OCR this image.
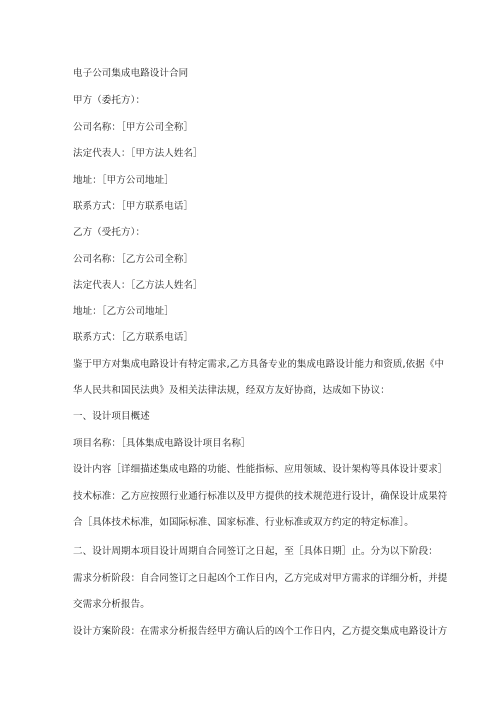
电子公司集成电路设计合同
甲方（委托方）：
公司名称：［甲方公司全称］
法定代表人：［甲方法人姓名］
地址：［甲方公司地址］
联系方式：［甲方联系电话］
乙方（受托方）：
公司名称：［乙方公司全称］
法定代表人：［乙方法人姓名］
地址：［乙方公司地址］
联系方式：［乙方联系电话］
鉴于甲方对集成电路设计有特定需求,乙方具备专业的集成电路设计能力和资质,依据《中
华人民共和国民法典》及相关法律法规，经双方友好协商，达成如下协议：
一、设计项目概述
项目名称：［具体集成电路设计项目名称］
设计内容［详细描述集成电路的功能、性能指标、应用领域、设计架构等具体设计要求］
技术标准：乙方应按照行业通行标准以及甲方提供的技术规范进行设计，确保设计成果符
合［具体技术标准，如国际标准、国家标准、行业标准或双方约定的特定标准］。
二、设计周期本项目设计周期自合同签订之日起，至［具体日期］止。分为以下阶段：
需求分析阶段：自合同签订之日起凶个工作日内，乙方完成对甲方需求的详细分析，并提
交需求分析报告。
设计方案阶段：在需求分析报告经甲方确认后的凶个工作日内，乙方提交集成电路设计方
